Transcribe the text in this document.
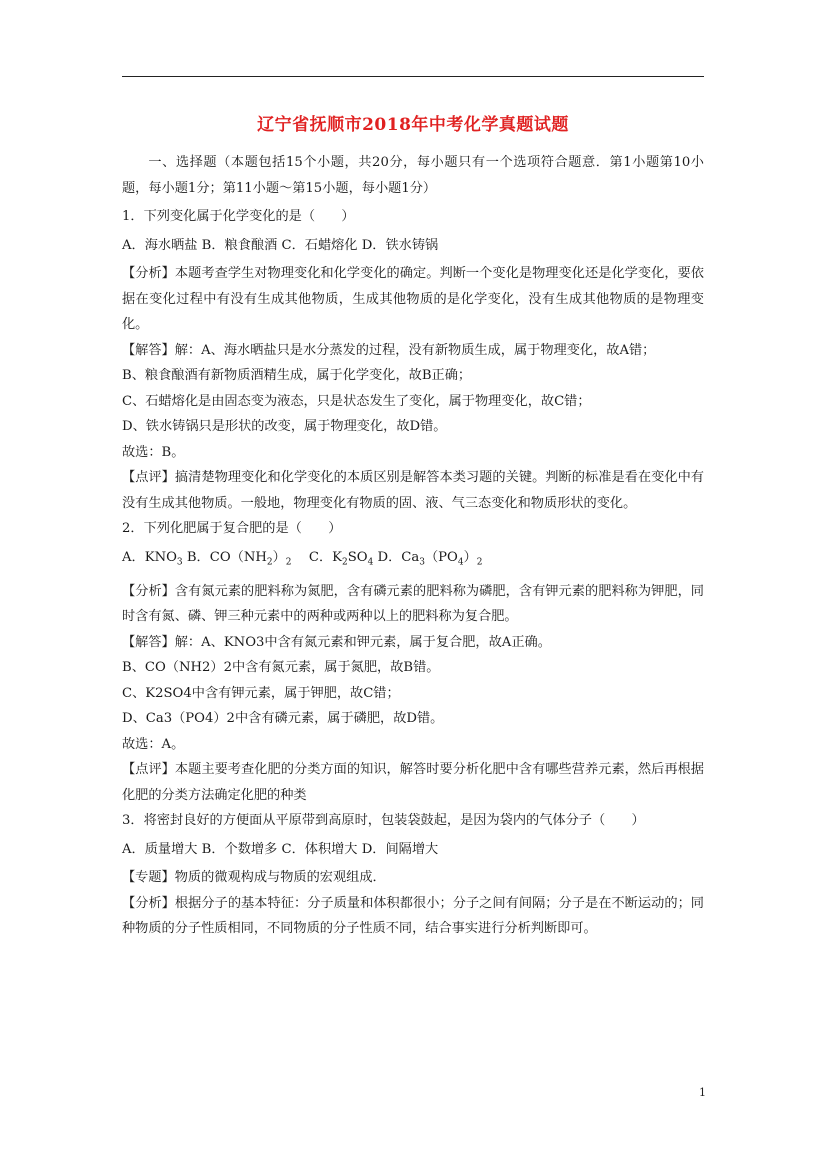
辽宁省抚顺市2018年中考化学真题试题

一、选择题（本题包括15个小题，共20分，每小题只有一个选项符合题意．第1小题第10小题，每小题1分；第11小题～第15小题，每小题1分）

1．下列变化属于化学变化的是（　　）

A．海水晒盐 B．粮食酿酒 C．石蜡熔化 D．铁水铸锅

【分析】本题考查学生对物理变化和化学变化的确定。判断一个变化是物理变化还是化学变化，要依据在变化过程中有没有生成其他物质，生成其他物质的是化学变化，没有生成其他物质的是物理变化。

【解答】解：A、海水晒盐只是水分蒸发的过程，没有新物质生成，属于物理变化，故A错；

B、粮食酿酒有新物质酒精生成，属于化学变化，故B正确；

C、石蜡熔化是由固态变为液态，只是状态发生了变化，属于物理变化，故C错；

D、铁水铸锅只是形状的改变，属于物理变化，故D错。

故选：B。

【点评】搞清楚物理变化和化学变化的本质区别是解答本类习题的关键。判断的标准是看在变化中有没有生成其他物质。一般地，物理变化有物质的固、液、气三态变化和物质形状的变化。

2．下列化肥属于复合肥的是（　　）

A．$KNO_3$ B．$CO(NH_2)_2$　 C．$K_2SO_4$ D．$Ca_3(PO_4)_2$

【分析】含有氮元素的肥料称为氮肥，含有磷元素的肥料称为磷肥，含有钾元素的肥料称为钾肥，同时含有氮、磷、钾三种元素中的两种或两种以上的肥料称为复合肥。

【解答】解：A、KNO3中含有氮元素和钾元素，属于复合肥，故A正确。

B、CO（NH2）2中含有氮元素，属于氮肥，故B错。

C、K2SO4中含有钾元素，属于钾肥，故C错；

D、Ca3（PO4）2中含有磷元素，属于磷肥，故D错。

故选：A。

【点评】本题主要考查化肥的分类方面的知识，解答时要分析化肥中含有哪些营养元素，然后再根据化肥的分类方法确定化肥的种类

3．将密封良好的方便面从平原带到高原时，包装袋鼓起，是因为袋内的气体分子（　　）

A．质量增大 B．个数增多 C．体积增大 D．间隔增大

【专题】物质的微观构成与物质的宏观组成．

【分析】根据分子的基本特征：分子质量和体积都很小；分子之间有间隔；分子是在不断运动的；同种物质的分子性质相同，不同物质的分子性质不同，结合事实进行分析判断即可。

1
